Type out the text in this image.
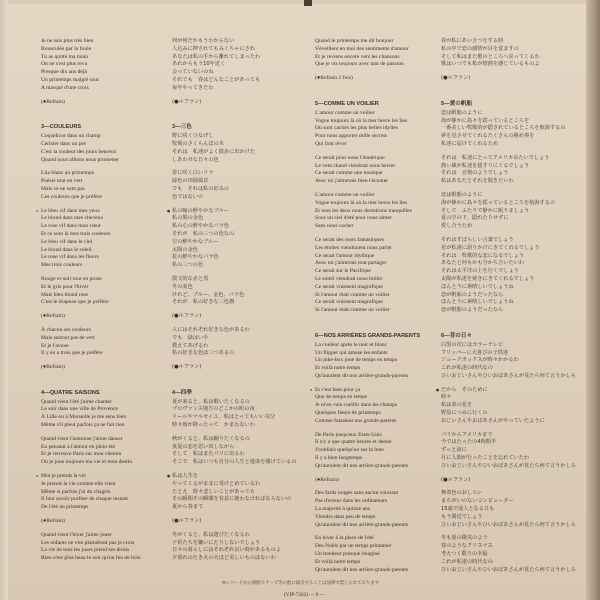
Je ne sais plus très bien
Bousculée par la foule
Tu as quitté ma main
On ne s'est plus revu
Presque dix ans déjà
Un printemps malgré tout
A marqué d'une croix
(●Refrain)
3—COULEURS
Coquelicot dans un champ
Cerisier dans un pré
C'est la couleur des jours heureux
Quand nous allions nous promener
Lila blanc au printemps
Poésie tout en vert
Mais ce ne sont pas
Ces couleurs que je préfère
● Le bleu vif dans mes yeux
Le blond dans mes cheveux
Le rose vif dans mon cœur
Et ce sont là mes trois couleurs
Le bleu vif dans le ciel
Le blond dans le soleil
Le rose vif dans les fleurs
Mes trois couleurs
Rouge et noir tout en prose
Et le gris pour l'hiver
Mais bleu blond rose
C'est le drapeau que je préfère
(●Refrain)
À chacun ses couleurs
Mais surtout pas de vert
Et je l'avoue
Il y en a trois que je préfère
(●Refrain)
4—QUATRE SAISONS
Quand vient l'été j'aime chanter
Le soir dans une ville de Provence
À Lille ou à Marseille je me sens bien
Même s'il pleut parfois ça ne fait rien
Quand vient l'automne j'aime danser
En pensant à l'amour en plein été
Et je retrouve Paris sur mon chemin
Où je joue toujours ma vie et mon destin
● Moi je prends la vie
Je prends la vie comme elle vient
Même si parfois j'ai du chagrin
Il faut savoir profiter de chaque instant
De l'été au printemps
(●Refrain)
Quand vient l'hiver j'aime jouer
Les enfants ne s'en plaindront pas je crois
La vie de tous les jours prend ses droits
Rien n'est plus beau le soir qu'un feu de bois
何が何だかもうわからない
人込みに押されてもみくちゃにされ
あなたは私の手から離れてしまったわ
あれからもう10年近く
会っていないのね
それでも　春はどんなことがあっても
毎年やってきたわ
(●ルフラン)
3—三色
野に咲くひなげし
牧場のさくらんぼの木
それは　私達がよく散歩に出かけた
しあわせな日々の色
春に咲く白いリラ
緑色の田園風景
でも　それは私の好みの
色ではないの
● 私の瞳の鮮やかなブルー
私の髪の金色
私の心の鮮やかなバラ色
それが　私の三つの色なの
空の鮮やかなブルー
太陽の金色
花の鮮やかなバラ色
私の三つの色
散文的な赤と黒
冬の灰色
けれど、ブルー、金色、バラ色
それが　私の好きな三色旗
(●ルフラン)
人にはそれぞれ好きな色があるわ
でも　緑はいや
教えてあげるわ
私の好きな色は三つあるの
(●ルフラン)
4—四季
夏が来ると、私は歌いたくなるの
プロヴァンス地方のどこかの町の夜
リールやマルセイユ、私はとってもいい気分
時々雨が降ったって　かまわないわ
秋がくると、私は踊りたくなるの
真夏の恋を思い出しながら
そして　私はまたパリに戻るわ
そこで　私はいつも自分の人生と運命を賭けているの
● 私は人生を
やってくるがままに受けとめているわ
たとえ　時々悲しいことがあっても
その瞬間その瞬間を有益に使わなければならないの
夏から春まで
(●ルフラン)
冬がくると、私は遊びたくなるわ
子供たちを嫌いにたりしないでしょう
日々の暮らしにはそれぞれ良い時があるものよ
夕暮れのたき火の火ほど美しいものはないわ
Quand le printemps me dit bonjour
S'éveillent en moi des sentiments d'amour
Et je reviens encore vers les chansons
Que je vis toujours avec tant de passion
(●Refrain 2 fois)
5—COMME UN VOILIER
L'amour comme un voilier
Vogue toujours là où la mer berce les îles
Où sont cachés les plus belles idylles
Pour nous apporter mille secrets
Qui font rêver
Ce serait pour nous l'Amérique
Le vent chaud viendrait nous bercer
Ce serait comme une musique
Avec toi j'aimerais bien l'écouter
L'amour comme un voilier
Vogue toujours là où la mer berce les îles
Et tous les deux nous dormirons tranquilles
Sous un ciel d'été pour nous aimer
Sans nous cacher
Ce serait des mots fantastiques
Les étoiles viendraient nous parler
Ce serait l'amour idyllique
Avec toi j'aimerais tout partager
Ce serait sur le Pacifique
Le soleil viendrait nous brûler
Ce serait vraiment magnifique
Si l'amour était comme un voilier
Ce serait vraiment magnifique
Si l'amour était comme un voilier
6—NOS ARRIÈRES GRANDS-PARENTS
La couleur après le noir et blanc
Un flipper qui amuse les enfants
Un juke-box joue de temps en temps
Et voilà notre temps
Qu'auraient dit nos arrière-grands-parents
● Et c'est bien pour ça
Que de temps en temps
Je m'en vais cueillir dans les champs
Quelques fleurs de printemps
Comme faisaient nos grands-parents
De Paris jusqu'aux États-Unis
Il n'y a que quatre heures et demie
J'oubliais quelqu'un sur la lune
Il y a bien longtemps
Qu'auraient dit nos arrière-grands-parents
(●Refrain)
Des fards rouges sans aucun colorant
Pas d'erreur dans les ordinateurs
La majorité à quinze ans
Viendra dans peu de temps
Qu'auraient dit nos arrière-grands-parents
En hiver à la place de l'été
Des Noëls par un temps printanier
Un bonheur presque imaginé
Et voilà notre temps
Qu'auraient dit nos arrière-grands-parents
春が私にあいさつをする時
私の中で恋の感情が目を覚ますの
そして私はまた歌のところへ戻ってくるわ
歌はいつでも私が情熱を感じているものよ
(●ルフラン)
5—愛の帆船
恋は帆船のように
海が静かに島々を揺っているところを
一番美しい牧歌的が隠されているところを航海するの
夢を見させてくれるたくさんの秘め事を
私達に届けてくれるため
それは　私達にとってアメリカみたいでしょう
熱い風が私達を揺すりにくるでしょう
それは　音楽のようでしょう
私はあなたとそれを聞きたいわ
恋は帆船のように
海が静かに島々を揺っているところを航海するの
そして　ふたりで静かに眠りましょう
夏の空の下、隠れたりせずに
愛し合うため
それはすばらしい言葉でしょう
星が私達に語りかけにきてくれるでしょう
それは　牧歌的な恋になるでしょう
あなたと何もかも分かち合いたいわ
それは太平洋の上を行くでしょう
太陽が私達を焼きにきてくれるでしょう
ほんとうに素晴しいでしょうね
恋が帆船のようだったなら
ほんとうに素晴しいでしょうね
恋が帆船のようだったなら
6—昔の日々
白黒の次にはカラーテレビ
フリッパーに大喜びの子供達
ジュークボックスが時々かかるわ
これが私達の時代なの
ひいおじいさんやひいおばあさんが見たら何て言うかしら
● だから　そのために
時々
私は春の花を
野原につみに行くの
おじいさんやおばあさんがやっていたように
パリからアメリカまで
今ではたったの4時間半
ずっと前に
月に人間が行ったことを忘れていたわ
ひいおじいさんやひいおばあさんが見たら何て言うかしら
(●ルフラン)
無着色のおしろい
まちがいのないコンピューター
15歳で成人となる日も
もう間近でしょう
ひいおじいさんやひいおばあさんが見たら何て言うかしら
冬も夏の陽気のよう
春のようなクリスマス
考えつく限りの幸福
これが私達の時代なの
ひいおじいさんやひいおばあさんが見たら何て言うかしら
※レコードから無断でテープ等の他に録音することは法律で禁じられております
(VIP-7262) — 6 —
